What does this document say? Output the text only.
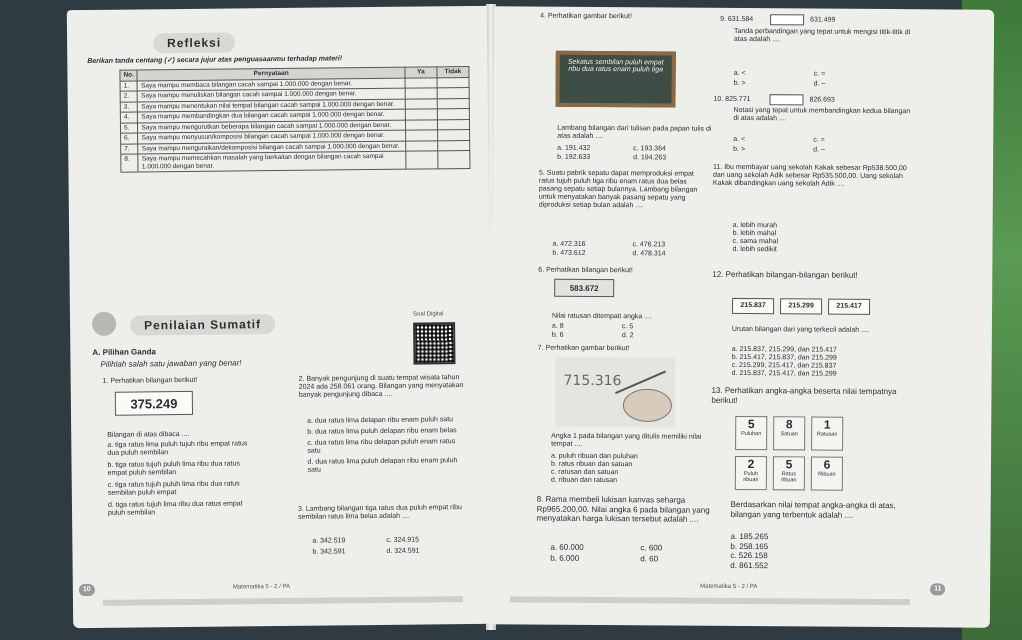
Refleksi
Berikan tanda centang (✓) secara jujur atas penguasaanmu terhadap materi!
No.	Pernyataan	Ya	Tidak
1.	Saya mampu membaca bilangan cacah sampai 1.000.000 dengan benar.		
2.	Saya mampu menuliskan bilangan cacah sampai 1.000.000 dengan benar.		
3.	Saya mampu menentukan nilai tempat bilangan cacah sampai 1.000.000 dengan benar.		
4.	Saya mampu membandingkan dua bilangan cacah sampai 1.000.000 dengan benar.		
5.	Saya mampu mengurutkan beberapa bilangan cacah sampai 1.000.000 dengan benar.		
6.	Saya mampu menyusun/komposisi bilangan cacah sampai 1.000.000 dengan benar.		
7.	Saya mampu menguraikan/dekomposisi bilangan cacah sampai 1.000.000 dengan benar.		
8.	Saya mampu memecahkan masalah yang berkaitan dengan bilangan cacah sampai 1.000.000 dengan benar.		
Penilaian Sumatif
Soal Digital
A. Pilihan Ganda
Pilihlah salah satu jawaban yang benar!
1. Perhatikan bilangan berikut!
375.249
Bilangan di atas dibaca ....
a. tiga ratus lima puluh tujuh ribu empat ratus dua puluh sembilan
b. tiga ratus tujuh puluh lima ribu dua ratus empat puluh sembilan
c. tiga ratus tujuh puluh lima ribu dua ratus sembilan puluh empat
d. tiga ratus tujuh lima ribu dua ratus empat puluh sembilan
2. Banyak pengunjung di suatu tempat wisata tahun 2024 ada 258.061 orang. Bilangan yang menyatakan banyak pengunjung dibaca ....
a. dua ratus lima delapan ribu enam puluh satu
b. dua ratus lima puluh delapan ribu enam belas
c. dua ratus lima ribu delapan puluh enam ratus satu
d. dua ratus lima puluh delapan ribu enam puluh satu
3. Lambang bilangan tiga ratus dua puluh empat ribu sembilan ratus lima belas adalah ....
a. 342.519
b. 342.591
c. 324.915
d. 324.591
Matematika 5 - 2 / PA
10
4. Perhatikan gambar berikut!
Sekatus sembilan puluh empat ribu dua ratus enam puluh tiga
Lambang bilangan dari tulisan pada papan tulis di atas adalah ....
a. 191.432
b. 192.633
c. 193.364
d. 194.263
5. Suatu pabrik sepatu dapat memproduksi empat ratus tujuh puluh tiga ribu enam ratus dua belas pasang sepatu setiap bulannya. Lambang bilangan untuk menyatakan banyak pasang sepatu yang diproduksi setiap bulan adalah ....
a. 472.316
b. 473.612
c. 476.213
d. 478.314
6. Perhatikan bilangan berikut!
583.672
Nilai ratusan ditempati angka ....
a. 8
b. 6
c. 5
d. 2
7. Perhatikan gambar berikut!
715.316
Angka 1 pada bilangan yang ditulis memiliki nilai tempat ....
a. puluh ribuan dan puluhan
b. ratus ribuan dan satuan
c. ratusan dan satuan
d. ribuan dan ratusan
8. Rama membeli lukisan kanvas seharga Rp965.200,00. Nilai angka 6 pada bilangan yang menyatakan harga lukisan tersebut adalah ....
a. 60.000
b. 6.000
c. 600
d. 60
9. 631.584	631.499
Tanda perbandingan yang tepat untuk mengisi titik-titik di atas adalah ....
a. <
b. >
c. =
d. –
10. 825.771	826.693
Notasi yang tepat untuk membandingkan kedua bilangan di atas adalah ....
a. <
b. >
c. =
d. –
11. Ibu membayar uang sekolah Kakak sebesar Rp538.500,00 dan uang sekolah Adik sebesar Rp535.500,00. Uang sekolah Kakak dibandingkan uang sekolah Adik ....
a. lebih murah
b. lebih mahal
c. sama mahal
d. lebih sedikit
12. Perhatikan bilangan-bilangan berikut!
215.837	215.299	215.417
Urutan bilangan dari yang terkecil adalah ....
a. 215.837, 215.299, dan 215.417
b. 215.417, 215.837, dan 215.299
c. 215.299, 215.417, dan 215.837
d. 215.837, 215.417, dan 215.299
13. Perhatikan angka-angka beserta nilai tempatnya berikut!
5
Puluhan
8
Satuan
1
Ratusan
2
Puluh ribuan
5
Ratus ribuan
6
Ribuan
Berdasarkan nilai tempat angka-angka di atas, bilangan yang terbentuk adalah ....
a. 185.265
b. 258.165
c. 526.158
d. 861.552
Matematika 5 - 2 / PA	11
